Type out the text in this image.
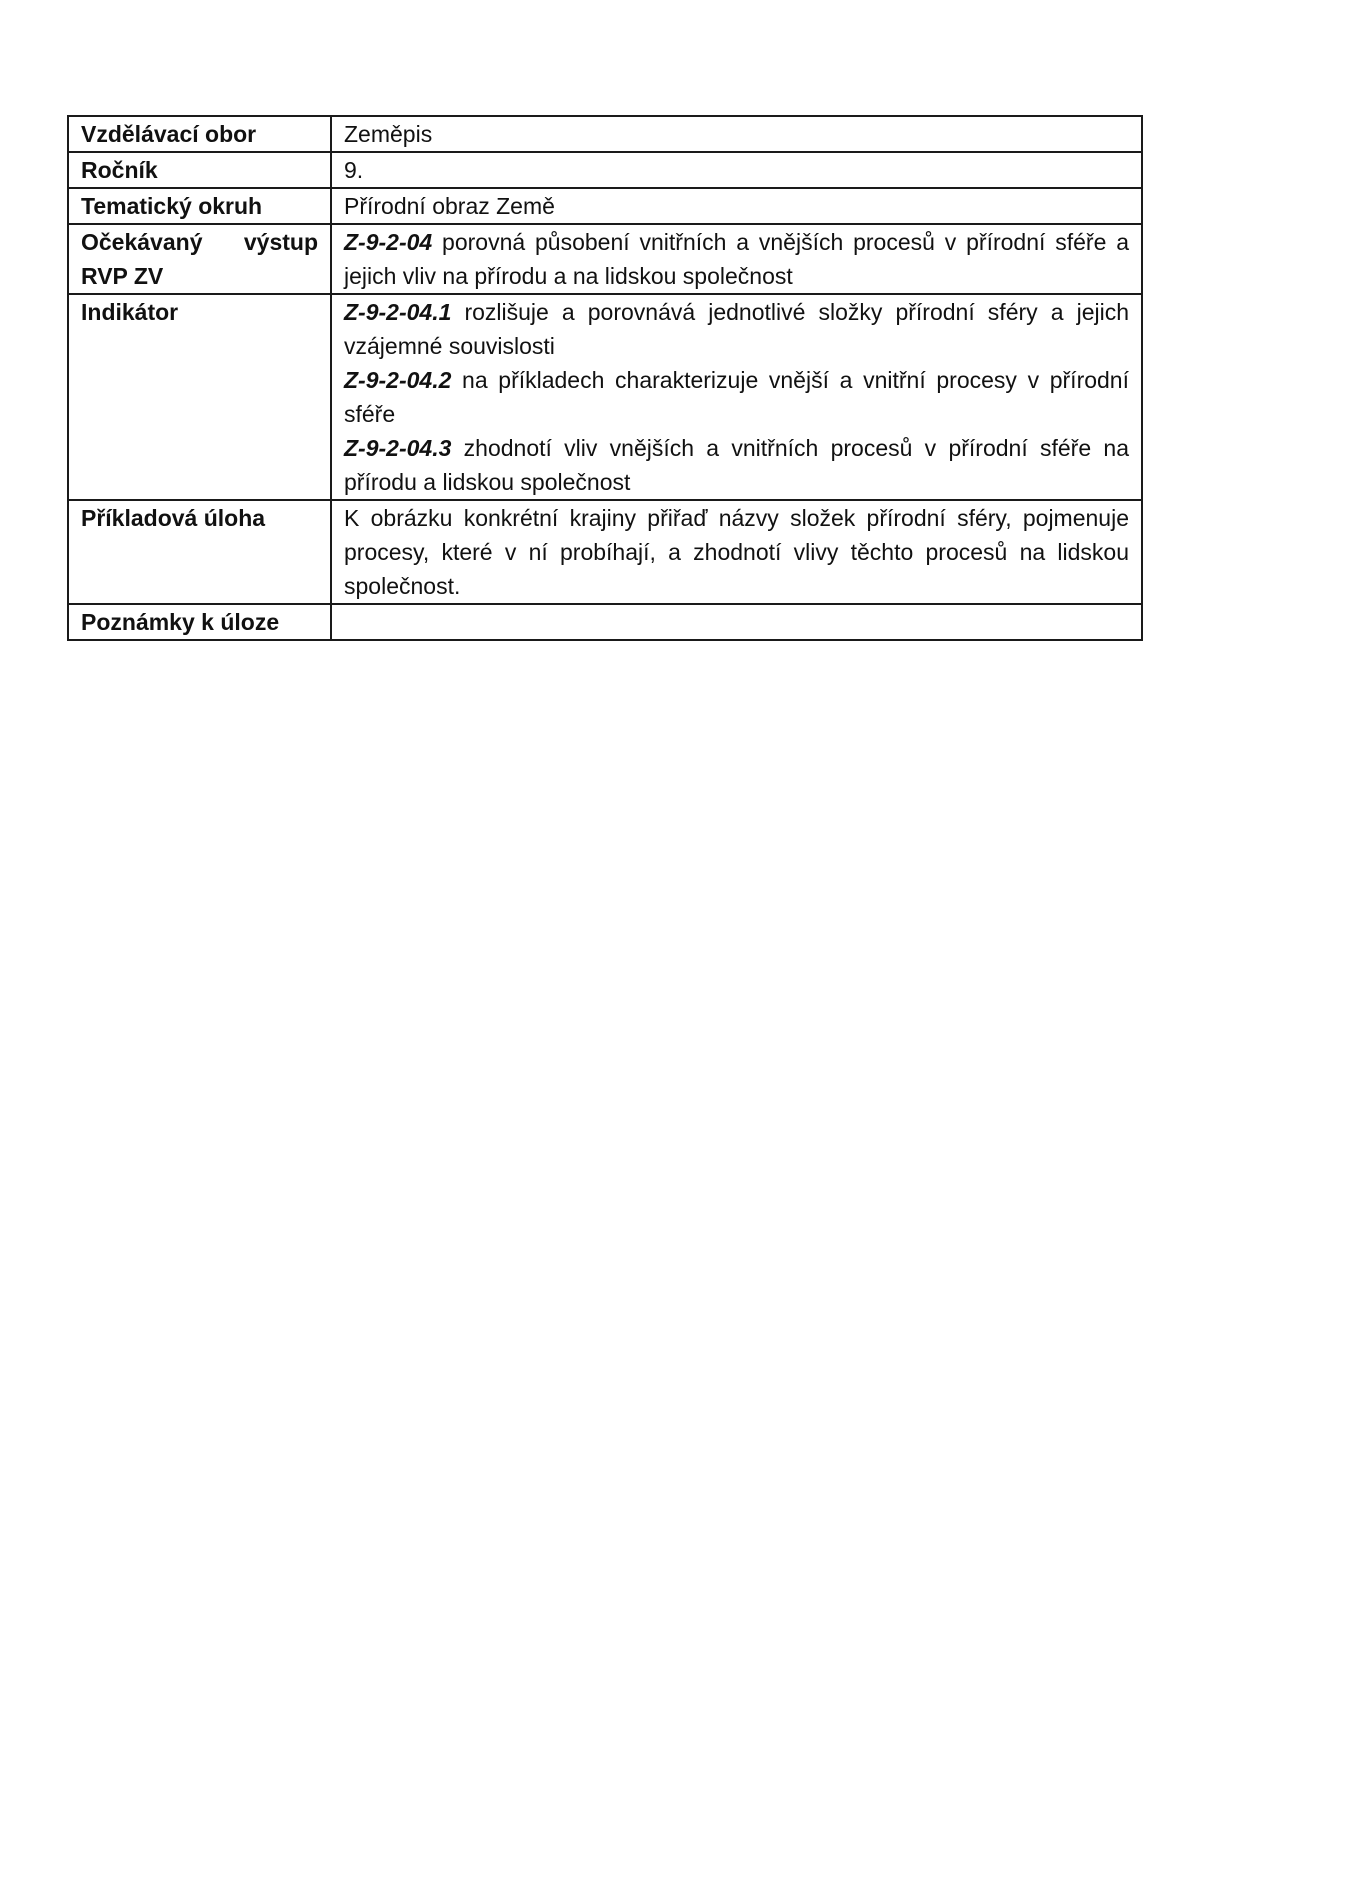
Vzdělávací obor	Zeměpis
Ročník	9.
Tematický okruh	Přírodní obraz Země

Očekávaný výstup
RVP ZV	Z-9-2-04 porovná působení vnitřních a vnějších procesů v přírodní sféře a jejich vliv na přírodu a na lidskou společnost
Indikátor	Z-9-2-04.1 rozlišuje a porovnává jednotlivé složky přírodní sféry a jejich vzájemné souvislosti
Z-9-2-04.2 na příkladech charakterizuje vnější a vnitřní procesy v přírodní sféře
Z-9-2-04.3 zhodnotí vliv vnějších a vnitřních procesů v přírodní sféře na přírodu a lidskou společnost

Příkladová úloha	K obrázku konkrétní krajiny přiřaď názvy složek přírodní sféry, pojmenuje procesy, které v ní probíhají, a zhodnotí vlivy těchto procesů na lidskou společnost.
Poznámky k úloze	
